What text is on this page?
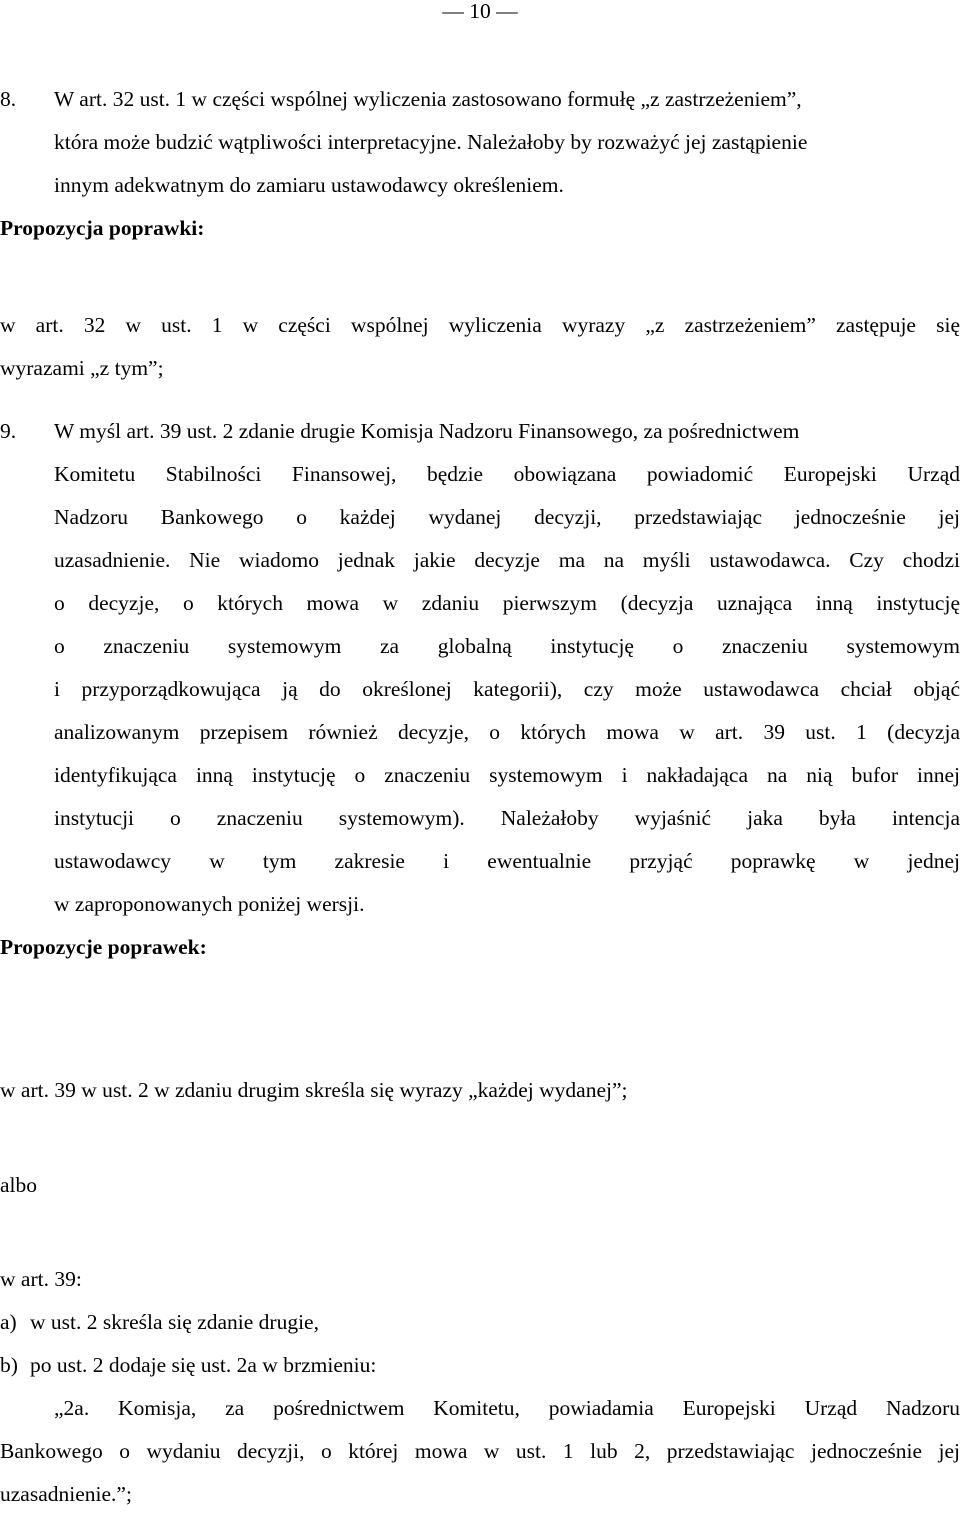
— 10 —
8. W art. 32 ust. 1 w części wspólnej wyliczenia zastosowano formułę „z zastrzeżeniem”,
która może budzić wątpliwości interpretacyjne. Należałoby by rozważyć jej zastąpienie
innym adekwatnym do zamiaru ustawodawcy określeniem.
Propozycja poprawki:
w art. 32 w ust. 1 w części wspólnej wyliczenia wyrazy „z zastrzeżeniem” zastępuje się
wyrazami „z tym”;
9. W myśl art. 39 ust. 2 zdanie drugie Komisja Nadzoru Finansowego, za pośrednictwem
Komitetu Stabilności Finansowej, będzie obowiązana powiadomić Europejski Urząd
Nadzoru Bankowego o każdej wydanej decyzji, przedstawiając jednocześnie jej
uzasadnienie. Nie wiadomo jednak jakie decyzje ma na myśli ustawodawca. Czy chodzi
o decyzje, o których mowa w zdaniu pierwszym (decyzja uznająca inną instytucję
o znaczeniu systemowym za globalną instytucję o znaczeniu systemowym
i przyporządkowująca ją do określonej kategorii), czy może ustawodawca chciał objąć
analizowanym przepisem również decyzje, o których mowa w art. 39 ust. 1 (decyzja
identyfikująca inną instytucję o znaczeniu systemowym i nakładająca na nią bufor innej
instytucji o znaczeniu systemowym). Należałoby wyjaśnić jaka była intencja
ustawodawcy w tym zakresie i ewentualnie przyjąć poprawkę w jednej
w zaproponowanych poniżej wersji.
Propozycje poprawek:
w art. 39 w ust. 2 w zdaniu drugim skreśla się wyrazy „każdej wydanej”;
albo
w art. 39:
a) w ust. 2 skreśla się zdanie drugie,
b) po ust. 2 dodaje się ust. 2a w brzmieniu:
„2a. Komisja, za pośrednictwem Komitetu, powiadamia Europejski Urząd Nadzoru
Bankowego o wydaniu decyzji, o której mowa w ust. 1 lub 2, przedstawiając jednocześnie jej
uzasadnienie.”;
